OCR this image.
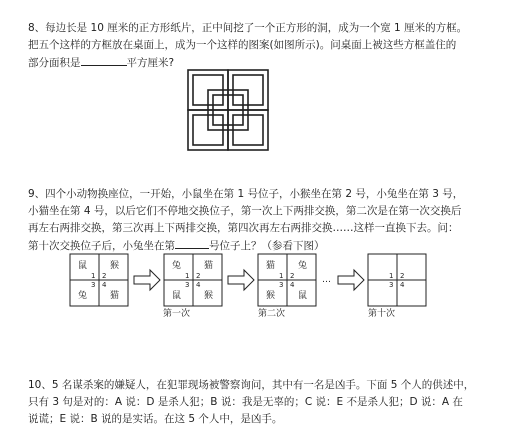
8、每边长是 10 厘米的正方形纸片，正中间挖了一个正方形的洞，成为一个宽 1 厘米的方框。

把五个这样的方框放在桌面上，成为一个这样的图案(如图所示)。问桌面上被这些方框盖住的

部分面积是	平方厘米?

9、四个小动物换座位，一开始，小鼠坐在第 1 号位子，小猴坐在第 2 号，小兔坐在第 3 号，

小猫坐在第 4 号，以后它们不停地交换位子，第一次上下两排交换，第二次是在第一次交换后

再左右两排交换，第三次再上下两排交换，第四次再左右两排交换……这样一直换下去。问：

第十次交换位子后，小兔坐在第	号位子上？（参看下图）

鼠	猴
兔	猫
1 2
3 4
兔	猫
鼠	猴
1 2
3 4
猫	兔
猴	鼠
1 2
3 4	…	1 2
3 4
第一次	第二次	第十次

10、5 名谋杀案的嫌疑人，在犯罪现场被警察询问，其中有一名是凶手。下面 5 个人的供述中，

只有 3 句是对的：A 说：D 是杀人犯；B 说：我是无辜的；C 说：E 不是杀人犯；D 说：A 在

说谎；E 说：B 说的是实话。在这 5 个人中，是凶手。
